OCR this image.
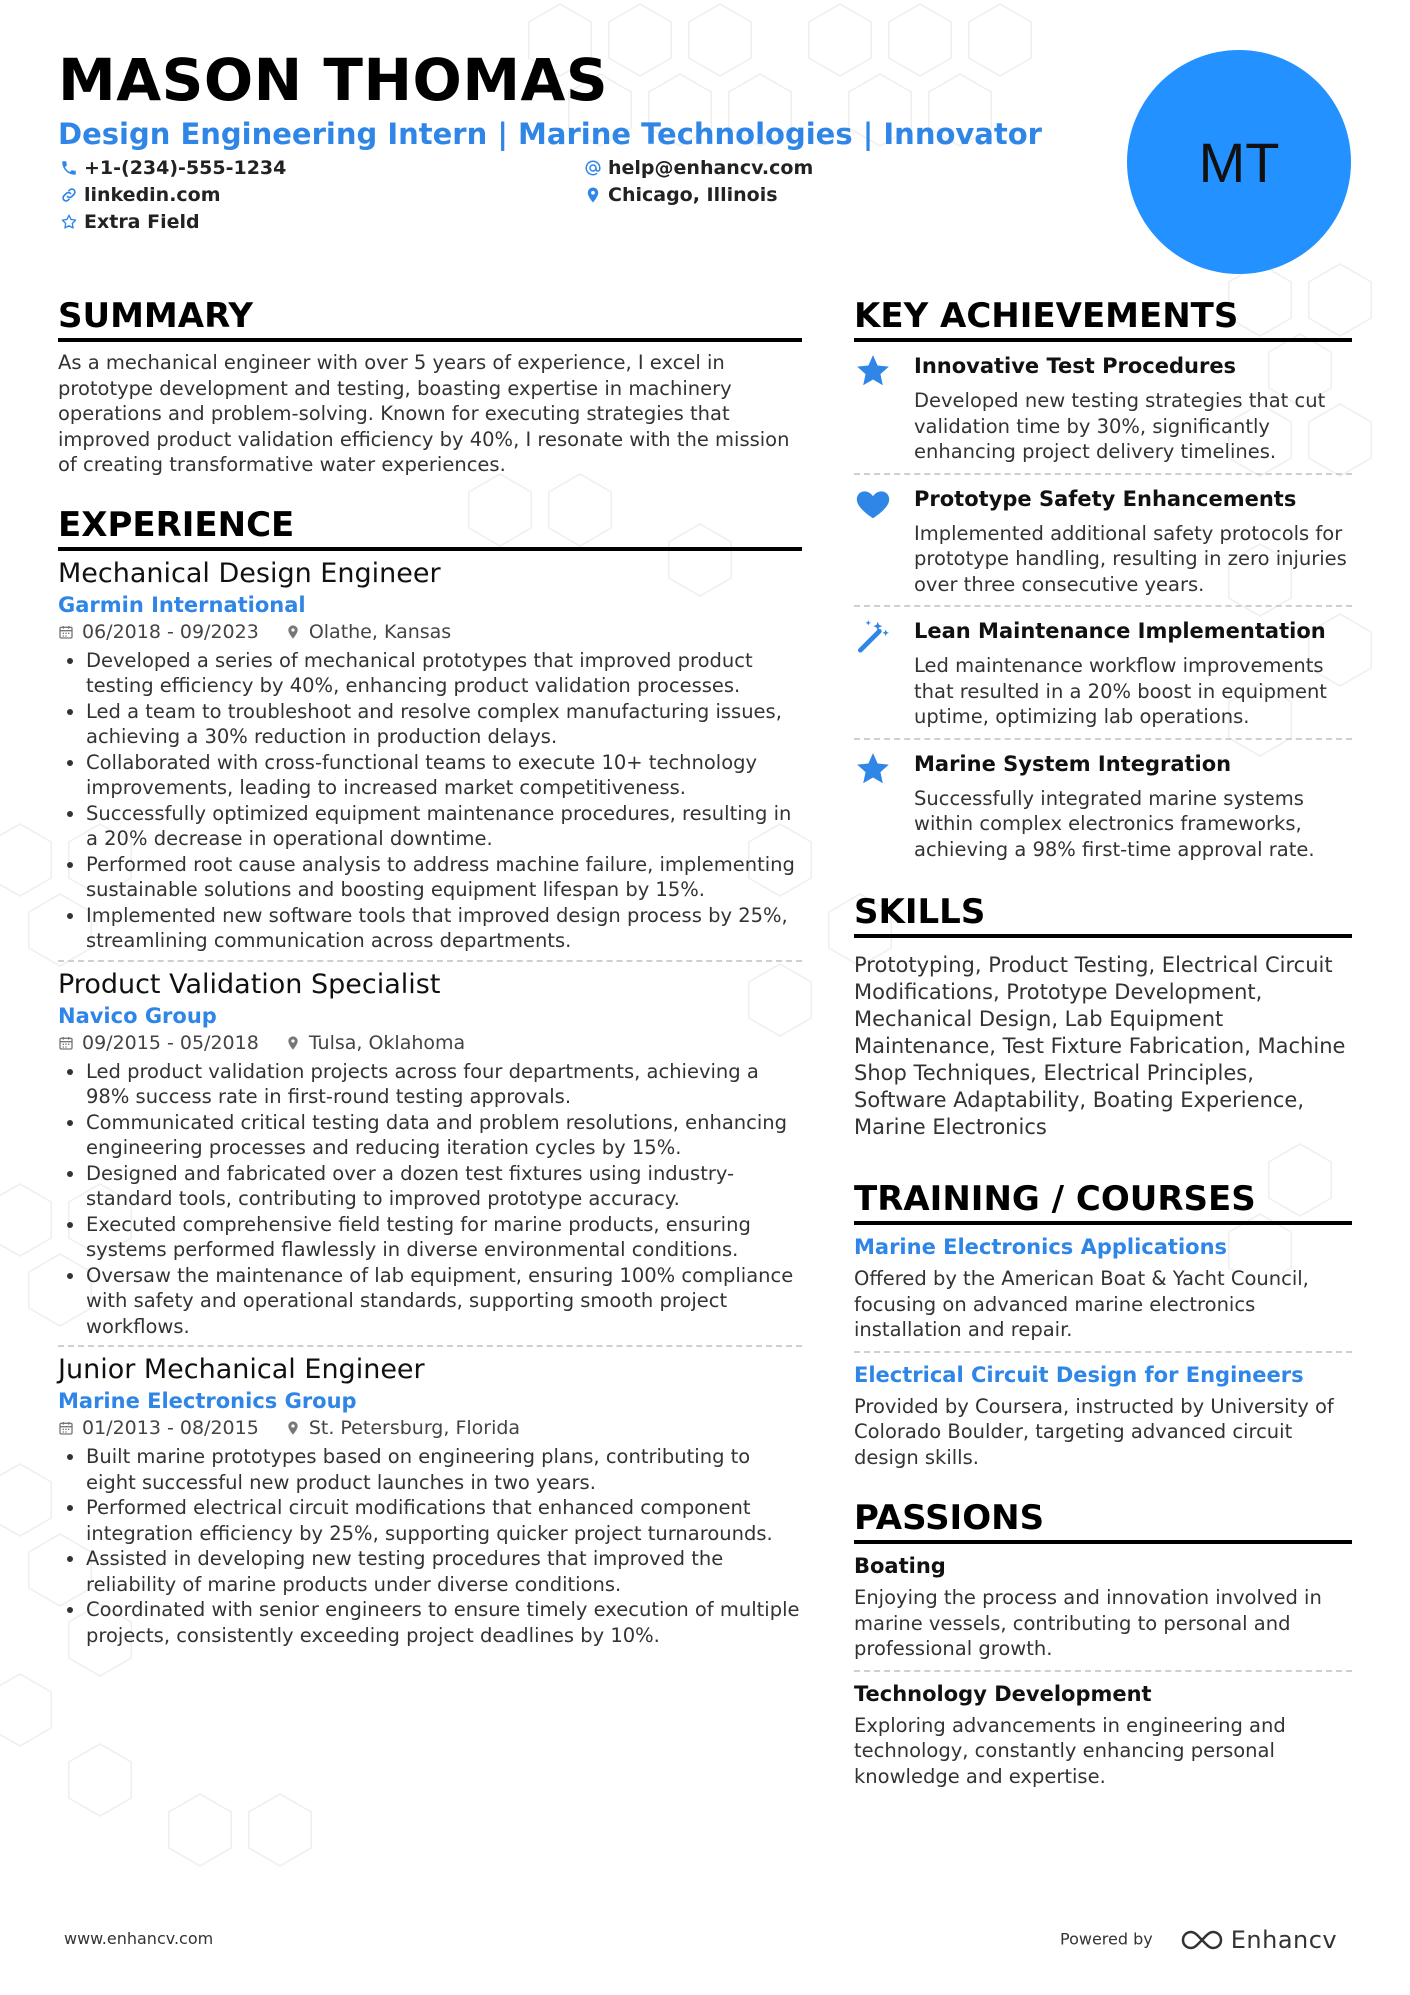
MASON THOMAS
Design Engineering Intern | Marine Technologies | Innovator
+1-(234)-555-1234	help@enhancv.com
linkedin.com	Chicago, Illinois
Extra Field
MT
SUMMARY
As a mechanical engineer with over 5 years of experience, I excel in prototype development and testing, boasting expertise in machinery operations and problem-solving. Known for executing strategies that improved product validation efficiency by 40%, I resonate with the mission of creating transformative water experiences.
EXPERIENCE
Mechanical Design Engineer
Garmin International
06/2018 - 09/2023	Olathe, Kansas
• Developed a series of mechanical prototypes that improved product testing efficiency by 40%, enhancing product validation processes.
• Led a team to troubleshoot and resolve complex manufacturing issues, achieving a 30% reduction in production delays.
• Collaborated with cross-functional teams to execute 10+ technology improvements, leading to increased market competitiveness.
• Successfully optimized equipment maintenance procedures, resulting in a 20% decrease in operational downtime.
• Performed root cause analysis to address machine failure, implementing sustainable solutions and boosting equipment lifespan by 15%.
• Implemented new software tools that improved design process by 25%, streamlining communication across departments.
Product Validation Specialist
Navico Group
09/2015 - 05/2018	Tulsa, Oklahoma
• Led product validation projects across four departments, achieving a 98% success rate in first-round testing approvals.
• Communicated critical testing data and problem resolutions, enhancing engineering processes and reducing iteration cycles by 15%.
• Designed and fabricated over a dozen test fixtures using industry-standard tools, contributing to improved prototype accuracy.
• Executed comprehensive field testing for marine products, ensuring systems performed flawlessly in diverse environmental conditions.
• Oversaw the maintenance of lab equipment, ensuring 100% compliance with safety and operational standards, supporting smooth project workflows.
Junior Mechanical Engineer
Marine Electronics Group
01/2013 - 08/2015	St. Petersburg, Florida
• Built marine prototypes based on engineering plans, contributing to eight successful new product launches in two years.
• Performed electrical circuit modifications that enhanced component integration efficiency by 25%, supporting quicker project turnarounds.
• Assisted in developing new testing procedures that improved the reliability of marine products under diverse conditions.
• Coordinated with senior engineers to ensure timely execution of multiple projects, consistently exceeding project deadlines by 10%.
KEY ACHIEVEMENTS
Innovative Test Procedures
Developed new testing strategies that cut validation time by 30%, significantly enhancing project delivery timelines.
Prototype Safety Enhancements
Implemented additional safety protocols for prototype handling, resulting in zero injuries over three consecutive years.
Lean Maintenance Implementation
Led maintenance workflow improvements that resulted in a 20% boost in equipment uptime, optimizing lab operations.
Marine System Integration
Successfully integrated marine systems within complex electronics frameworks, achieving a 98% first-time approval rate.
SKILLS
Prototyping, Product Testing, Electrical Circuit Modifications, Prototype Development, Mechanical Design, Lab Equipment Maintenance, Test Fixture Fabrication, Machine Shop Techniques, Electrical Principles, Software Adaptability, Boating Experience, Marine Electronics
TRAINING / COURSES
Marine Electronics Applications
Offered by the American Boat & Yacht Council, focusing on advanced marine electronics installation and repair.
Electrical Circuit Design for Engineers
Provided by Coursera, instructed by University of Colorado Boulder, targeting advanced circuit design skills.
PASSIONS
Boating
Enjoying the process and innovation involved in marine vessels, contributing to personal and professional growth.
Technology Development
Exploring advancements in engineering and technology, constantly enhancing personal knowledge and expertise.
www.enhancv.com	Powered by	Enhancv
